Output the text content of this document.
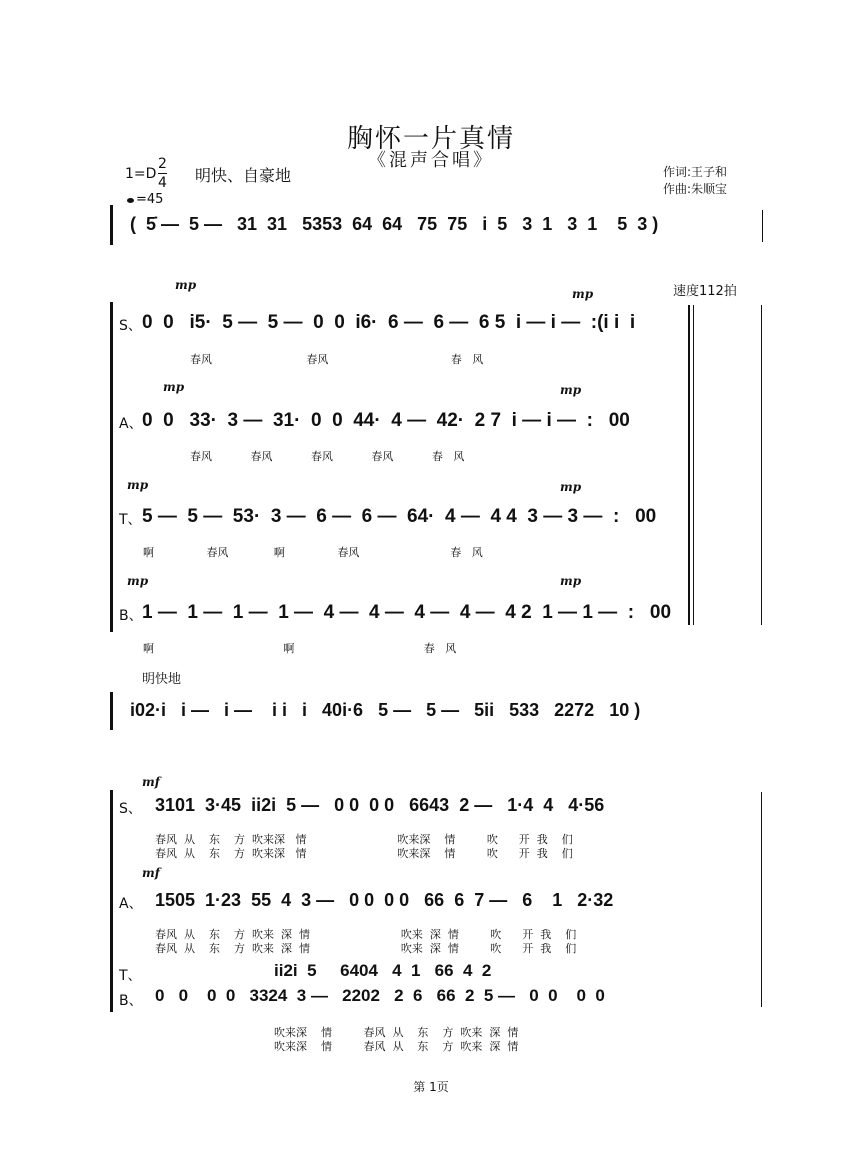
胸怀一片真情
《混声合唱》
1=D
2
4 明快、自豪地	作词:王子和
作曲:朱顺宝
=45
(  5̇ —  5 —   31  31   5353  64  64   75  75   i  5   3  1   3  1    5  3 )
mp
mp	速度112拍
S、 0  0   i5·  5 —  5 —  0  0  i6·  6 —  6 —  6 5  i — i —  :(i i  i
春风                           春风                                   春   风
mp	mp
A、 0  0   33·  3 —  31·  0  0  44·  4 —  42·  2 7  i — i —  :   00
春风           春风           春风           春风           春   风
mp	mp
T、 5 —  5 —  53·  3 —  6 —  6 —  64·  4 —  4 4  3 — 3 —  :   00
啊               春风             啊               春风                          春   风
mp	mp
B、 1 —  1 —  1 —  1 —  4 —  4 —  4 —  4 —  4 2  1 — 1 —  :   00
啊                                     啊                                     春   风
明快地
i02·i   i —   i —    i i   i   40i·6   5 —   5 —   5ii   533   2272   10 )
mf
S、 3101  3·45  ii2i  5 —   0 0  0 0   6643  2 —   1·4  4   4·56
春风  从    东    方  吹来深   情                          吹来深    情         吹      开  我    们
春风  从    东    方  吹来深   情                          吹来深    情         吹      开  我    们
mf
A、 1505  1·23  55  4  3 —   0 0  0 0   66  6  7 —   6    1   2·32
春风  从    东    方  吹来  深  情                          吹来  深  情         吹      开  我    们
春风  从    东    方  吹来  深  情                          吹来  深  情         吹      开  我    们
T、	ii2i  5     6404   4  1   66  4  2
B、 0   0    0  0   3324  3 —   2202   2  6   66  2  5 —   0  0    0  0
吹来深    情         春风  从    东    方  吹来  深  情
吹来深    情         春风  从    东    方  吹来  深  情
第 1页
